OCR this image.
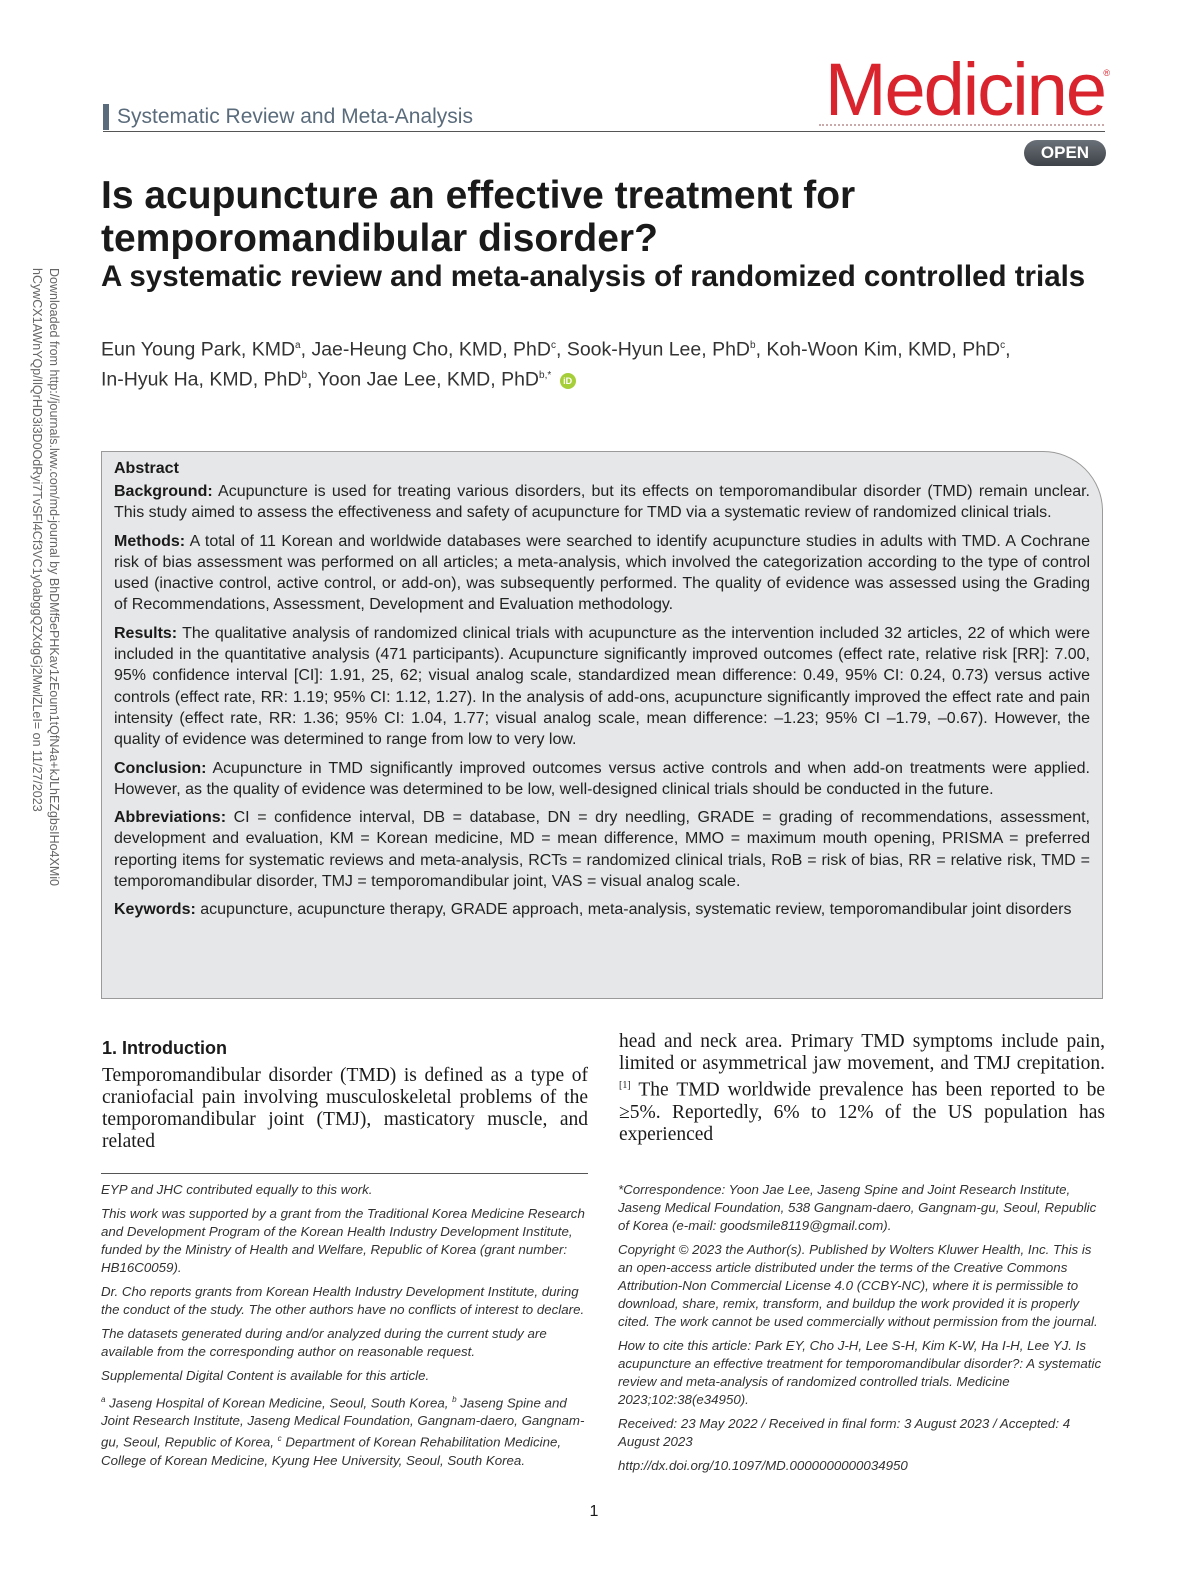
Systematic Review and Meta-Analysis	Medicine
®
OPEN
Downloaded from http://journals.lww.com/md-journal by BhDMf5ePHKav1zEoum1tQfN4a+kJLhEZgbsIHo4XMi0hCywCX1AWnYQp/IlQrHD3i3D0OdRyi7TvSFl4Cf3VC1y0abggQZXdgGj2MwlZLeI= on 11/27/2023
Is acupuncture an effective treatment for temporomandibular disorder?
A systematic review and meta-analysis of randomized controlled trials
Eun Young Park, KMD$^a$, Jae-Heung Cho, KMD, PhD$^c$, Sook-Hyun Lee, PhD$^b$, Koh-Woon Kim, KMD, PhD$^c$,
In-Hyuk Ha, KMD, PhD$^b$, Yoon Jae Lee, KMD, PhD$^{b,*}$ iD
Abstract

Background: Acupuncture is used for treating various disorders, but its effects on temporomandibular disorder (TMD) remain unclear. This study aimed to assess the effectiveness and safety of acupuncture for TMD via a systematic review of randomized clinical trials.

Methods: A total of 11 Korean and worldwide databases were searched to identify acupuncture studies in adults with TMD. A Cochrane risk of bias assessment was performed on all articles; a meta-analysis, which involved the categorization according to the type of control used (inactive control, active control, or add-on), was subsequently performed. The quality of evidence was assessed using the Grading of Recommendations, Assessment, Development and Evaluation methodology.

Results: The qualitative analysis of randomized clinical trials with acupuncture as the intervention included 32 articles, 22 of which were included in the quantitative analysis (471 participants). Acupuncture significantly improved outcomes (effect rate, relative risk [RR]: 7.00, 95% confidence interval [CI]: 1.91, 25, 62; visual analog scale, standardized mean difference: 0.49, 95% CI: 0.24, 0.73) versus active controls (effect rate, RR: 1.19; 95% CI: 1.12, 1.27). In the analysis of add-ons, acupuncture significantly improved the effect rate and pain intensity (effect rate, RR: 1.36; 95% CI: 1.04, 1.77; visual analog scale, mean difference: –1.23; 95% CI –1.79, –0.67). However, the quality of evidence was determined to range from low to very low.

Conclusion: Acupuncture in TMD significantly improved outcomes versus active controls and when add-on treatments were applied. However, as the quality of evidence was determined to be low, well-designed clinical trials should be conducted in the future.

Abbreviations: CI = confidence interval, DB = database, DN = dry needling, GRADE = grading of recommendations, assessment, development and evaluation, KM = Korean medicine, MD = mean difference, MMO = maximum mouth opening, PRISMA = preferred reporting items for systematic reviews and meta-analysis, RCTs = randomized clinical trials, RoB = risk of bias, RR = relative risk, TMD = temporomandibular disorder, TMJ = temporomandibular joint, VAS = visual analog scale.

Keywords: acupuncture, acupuncture therapy, GRADE approach, meta-analysis, systematic review, temporomandibular joint disorders

1. Introduction

Temporomandibular disorder (TMD) is defined as a type of craniofacial pain involving musculoskeletal problems of the temporomandibular joint (TMJ), masticatory muscle, and related

head and neck area. Primary TMD symptoms include pain, limited or asymmetrical jaw movement, and TMJ crepitation.[1] The TMD worldwide prevalence has been reported to be ≥5%. Reportedly, 6% to 12% of the US population has experienced

EYP and JHC contributed equally to this work.

This work was supported by a grant from the Traditional Korea Medicine Research and Development Program of the Korean Health Industry Development Institute, funded by the Ministry of Health and Welfare, Republic of Korea (grant number: HB16C0059).

Dr. Cho reports grants from Korean Health Industry Development Institute, during the conduct of the study. The other authors have no conflicts of interest to declare.

The datasets generated during and/or analyzed during the current study are available from the corresponding author on reasonable request.

Supplemental Digital Content is available for this article.

$^a$ Jaseng Hospital of Korean Medicine, Seoul, South Korea, $^b$ Jaseng Spine and Joint Research Institute, Jaseng Medical Foundation, Gangnam-daero, Gangnam-gu, Seoul, Republic of Korea, $^c$ Department of Korean Rehabilitation Medicine, College of Korean Medicine, Kyung Hee University, Seoul, South Korea.

*Correspondence: Yoon Jae Lee, Jaseng Spine and Joint Research Institute, Jaseng Medical Foundation, 538 Gangnam-daero, Gangnam-gu, Seoul, Republic of Korea (e-mail: goodsmile8119@gmail.com).

Copyright © 2023 the Author(s). Published by Wolters Kluwer Health, Inc. This is an open-access article distributed under the terms of the Creative Commons Attribution-Non Commercial License 4.0 (CCBY-NC), where it is permissible to download, share, remix, transform, and buildup the work provided it is properly cited. The work cannot be used commercially without permission from the journal.

How to cite this article: Park EY, Cho J-H, Lee S-H, Kim K-W, Ha I-H, Lee YJ. Is acupuncture an effective treatment for temporomandibular disorder?: A systematic review and meta-analysis of randomized controlled trials. Medicine 2023;102:38(e34950).

Received: 23 May 2022 / Received in final form: 3 August 2023 / Accepted: 4 August 2023

http://dx.doi.org/10.1097/MD.0000000000034950

1
